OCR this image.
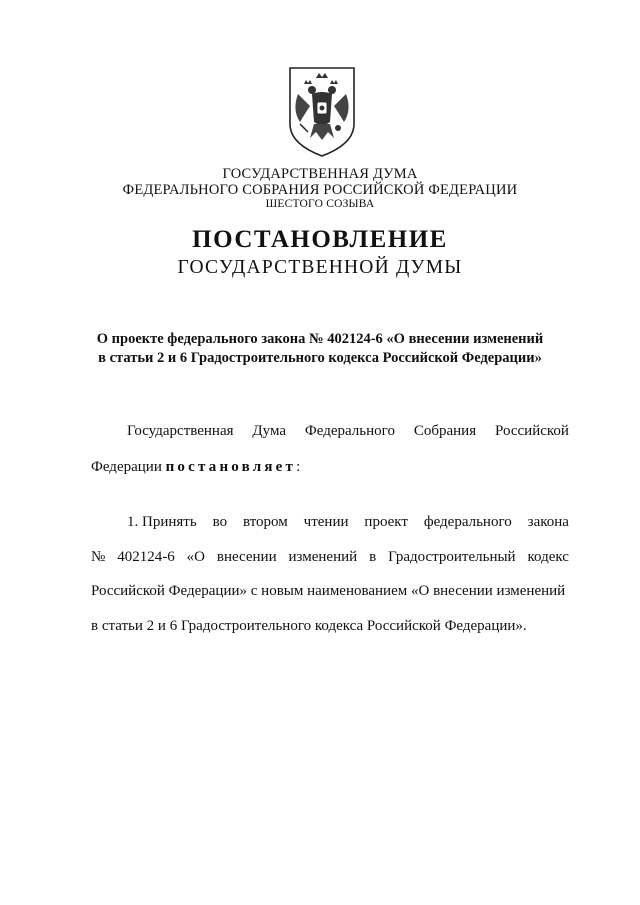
ГОСУДАРСТВЕННАЯ ДУМА
ФЕДЕРАЛЬНОГО СОБРАНИЯ РОССИЙСКОЙ ФЕДЕРАЦИИ
ШЕСТОГО СОЗЫВА
ПОСТАНОВЛЕНИЕ
ГОСУДАРСТВЕННОЙ ДУМЫ
О проекте федерального закона № 402124-6 «О внесении изменений
в статьи 2 и 6 Градостроительного кодекса Российской Федерации»
Государственная Дума Федерального Собрания Российской
Федерации постановляет:
1. Принять во втором чтении проект федерального закона
№ 402124-6 «О внесении изменений в Градостроительный кодекс
Российской Федерации» с новым наименованием «О внесении изменений
в статьи 2 и 6 Градостроительного кодекса Российской Федерации».
